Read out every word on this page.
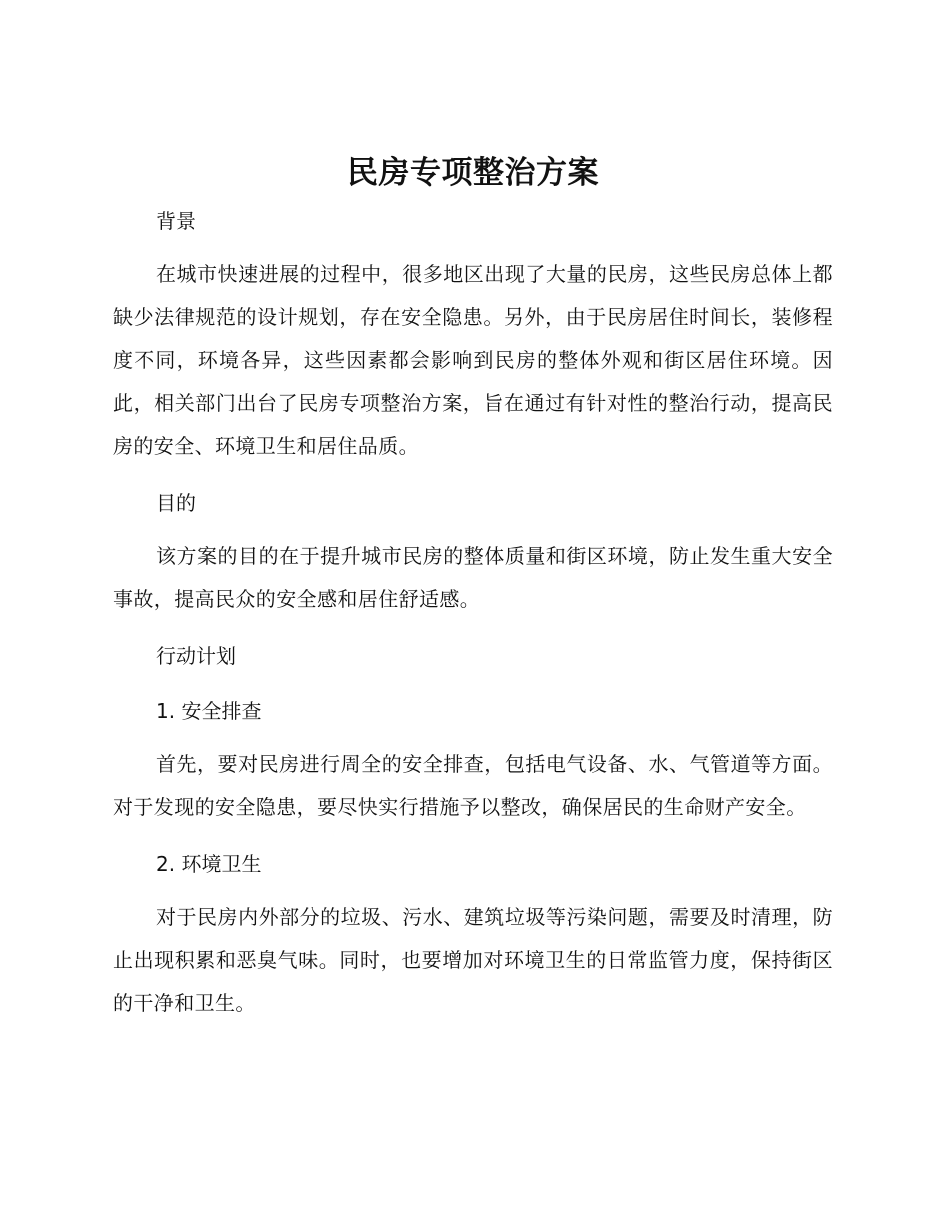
民房专项整治方案
背景

在城市快速进展的过程中，很多地区出现了大量的民房，这些民房总体上都缺少法律规范的设计规划，存在安全隐患。另外，由于民房居住时间长，装修程度不同，环境各异，这些因素都会影响到民房的整体外观和街区居住环境。因此，相关部门出台了民房专项整治方案，旨在通过有针对性的整治行动，提高民房的安全、环境卫生和居住品质。

目的

该方案的目的在于提升城市民房的整体质量和街区环境，防止发生重大安全事故，提高民众的安全感和居住舒适感。

行动计划
1. 安全排查

首先，要对民房进行周全的安全排查，包括电气设备、水、气管道等方面。对于发现的安全隐患，要尽快实行措施予以整改，确保居民的生命财产安全。

2. 环境卫生

对于民房内外部分的垃圾、污水、建筑垃圾等污染问题，需要及时清理，防止出现积累和恶臭气味。同时，也要增加对环境卫生的日常监管力度，保持街区的干净和卫生。
